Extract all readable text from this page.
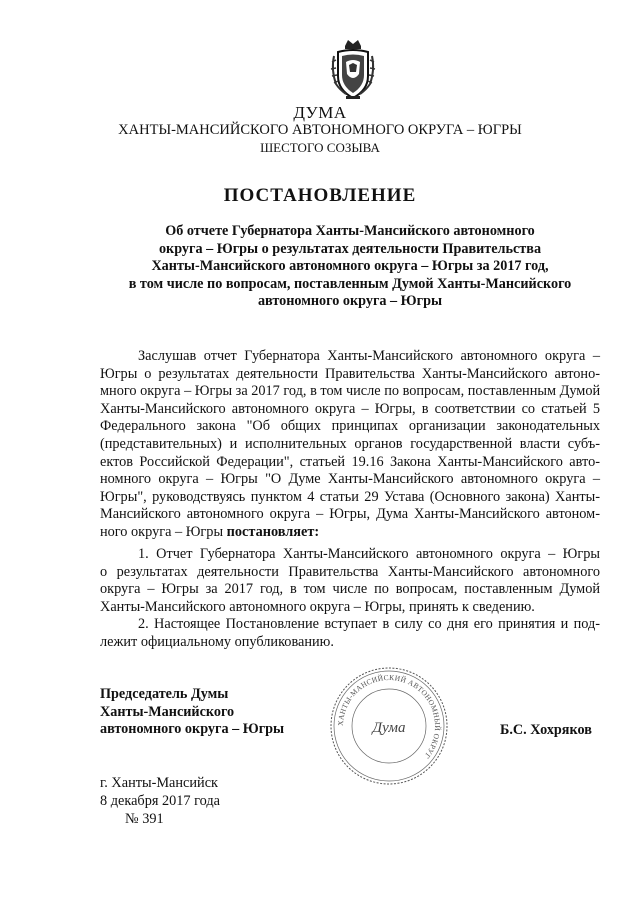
ДУМА
ХАНТЫ-МАНСИЙСКОГО АВТОНОМНОГО ОКРУГА – ЮГРЫ
ШЕСТОГО СОЗЫВА
ПОСТАНОВЛЕНИЕ
Об отчете Губернатора Ханты-Мансийского автономного
округа – Югры о результатах деятельности Правительства
Ханты-Мансийского автономного округа – Югры за 2017 год,
в том числе по вопросам, поставленным Думой Ханты-Мансийского
автономного округа – Югры
Заслушав отчет Губернатора Ханты-Мансийского автономного округа –
Югры о результатах деятельности Правительства Ханты-Мансийского автоно-
много округа – Югры за 2017 год, в том числе по вопросам, поставленным Думой
Ханты-Мансийского автономного округа – Югры, в соответствии со статьей 5
Федерального закона "Об общих принципах организации законодательных
(представительных) и исполнительных органов государственной власти субъ-
ектов Российской Федерации", статьей 19.16 Закона Ханты-Мансийского авто-
номного округа – Югры "О Думе Ханты-Мансийского автономного округа –
Югры", руководствуясь пунктом 4 статьи 29 Устава (Основного закона) Ханты-
Мансийского автономного округа – Югры, Дума Ханты-Мансийского автоном-
ного округа – Югры постановляет:
1. Отчет Губернатора Ханты-Мансийского автономного округа – Югры
о результатах деятельности Правительства Ханты-Мансийского автономного
округа – Югры за 2017 год, в том числе по вопросам, поставленным Думой
Ханты-Мансийского автономного округа – Югры, принять к сведению.
2. Настоящее Постановление вступает в силу со дня его принятия и под-
лежит официальному опубликованию.
ХАНТЫ-МАНСИЙСКИЙ АВТОНОМНЫЙ ОКРУГ
Дума
Председатель Думы
Ханты-Мансийского
автономного округа – Югры	Б.С. Хохряков
г. Ханты-Мансийск
8 декабря 2017 года
№ 391
